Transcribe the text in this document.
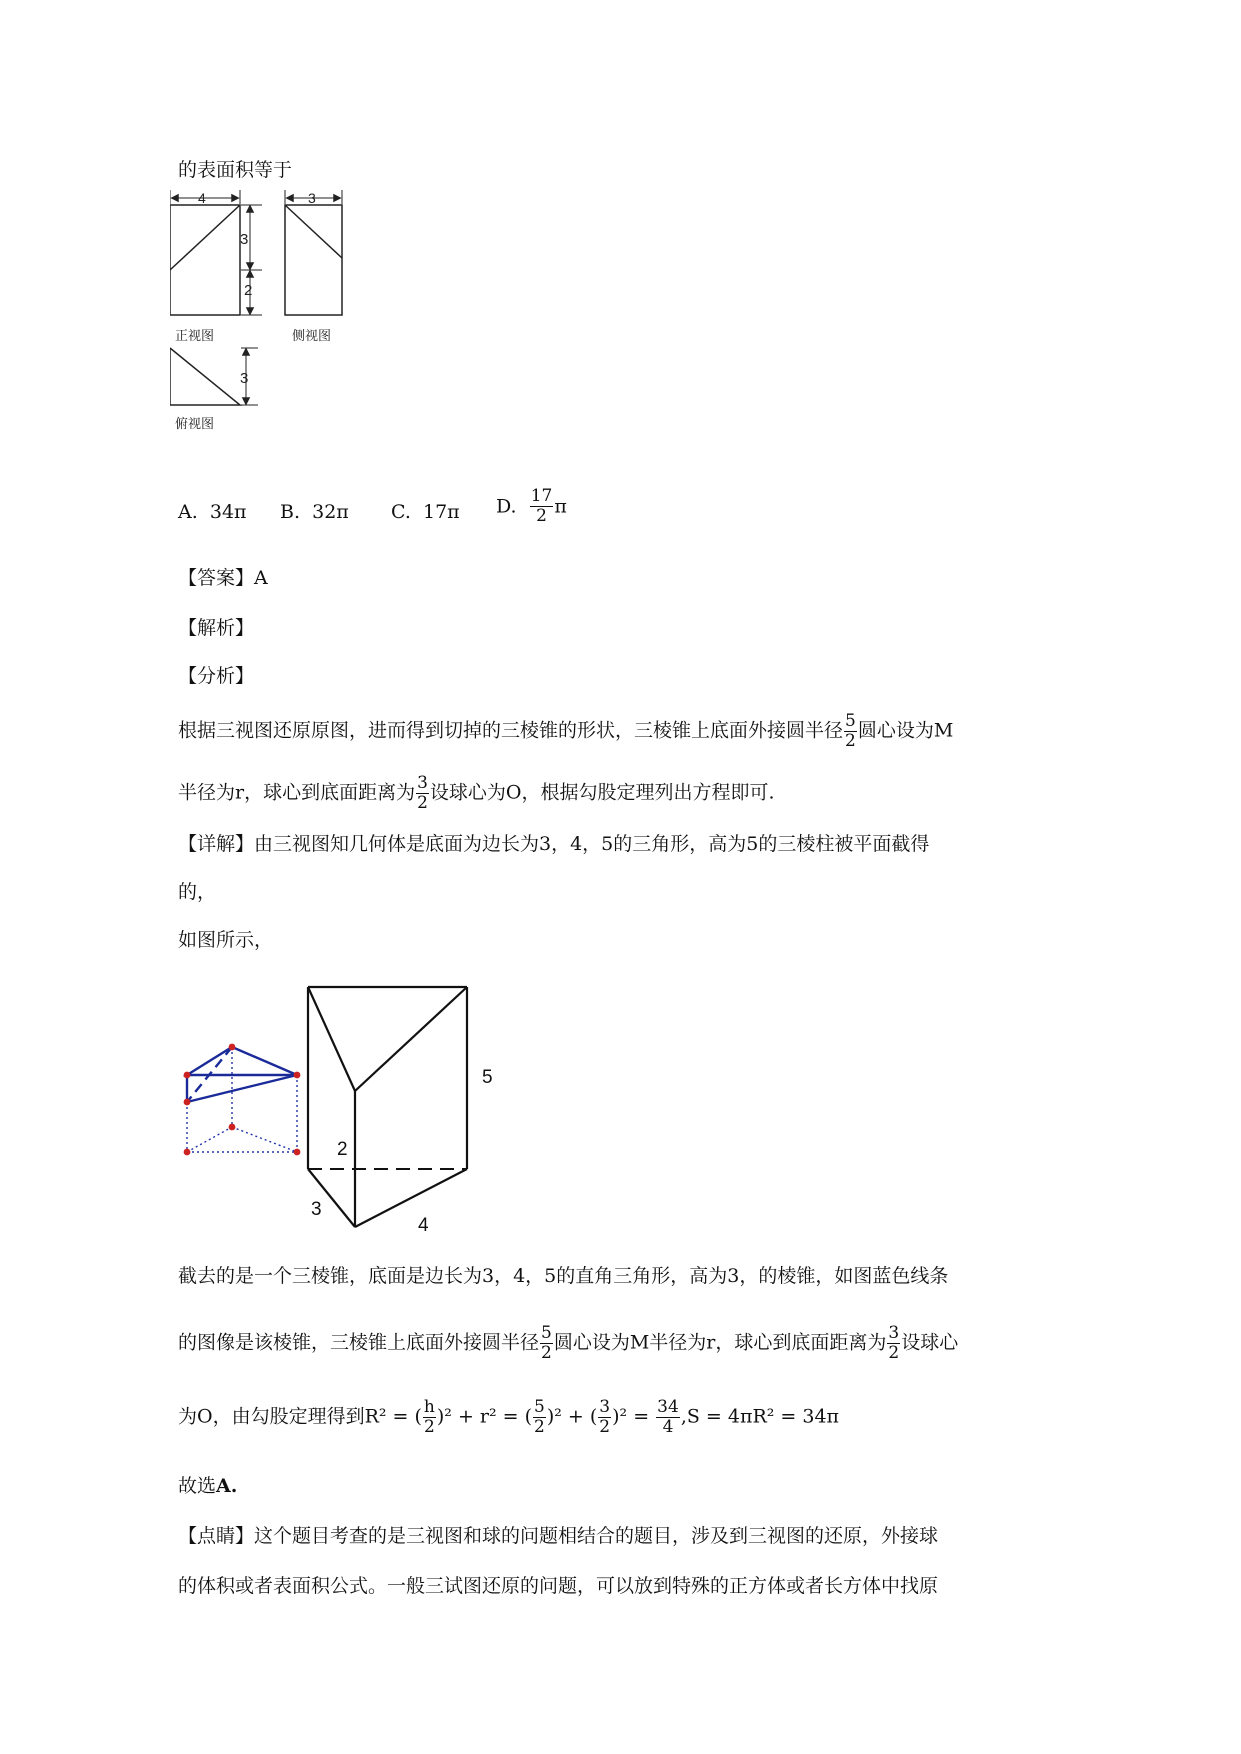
的表面积等于
4
3
2
正视图
3
侧视图
3
俯视图
A. 34π B. 32π C. 17π D. $\frac{17}{2}$ π
【答案】A
【解析】
【分析】
根据三视图还原原图，进而得到切掉的三棱锥的形状，三棱锥上底面外接圆半径 $\frac{5}{2}$ 圆心设为M
半径为r，球心到底面距离为 $\frac{3}{2}$ 设球心为O，根据勾股定理列出方程即可.
【详解】由三视图知几何体是底面为边长为3，4，5的三角形，高为5的三棱柱被平面截得
的，
如图所示，
5
2
3
4
截去的是一个三棱锥，底面是边长为3，4，5的直角三角形，高为3，的棱锥，如图蓝色线条
的图像是该棱锥，三棱锥上底面外接圆半径 $\frac{5}{2}$ 圆心设为M半径为r，球心到底面距离为 $\frac{3}{2}$ 设球心
为O，由勾股定理得到R² = ( $\frac{h}{2} )^2 + r^2$ = ( $\frac{5}{2} )^2$ + ( $\frac{3}{2} )^2 = \frac{34}{4} ,S = 4\pi R^2 = 34\pi$
故选A.
【点睛】这个题目考查的是三视图和球的问题相结合的题目，涉及到三视图的还原，外接球
的体积或者表面积公式。一般三试图还原的问题，可以放到特殊的正方体或者长方体中找原
